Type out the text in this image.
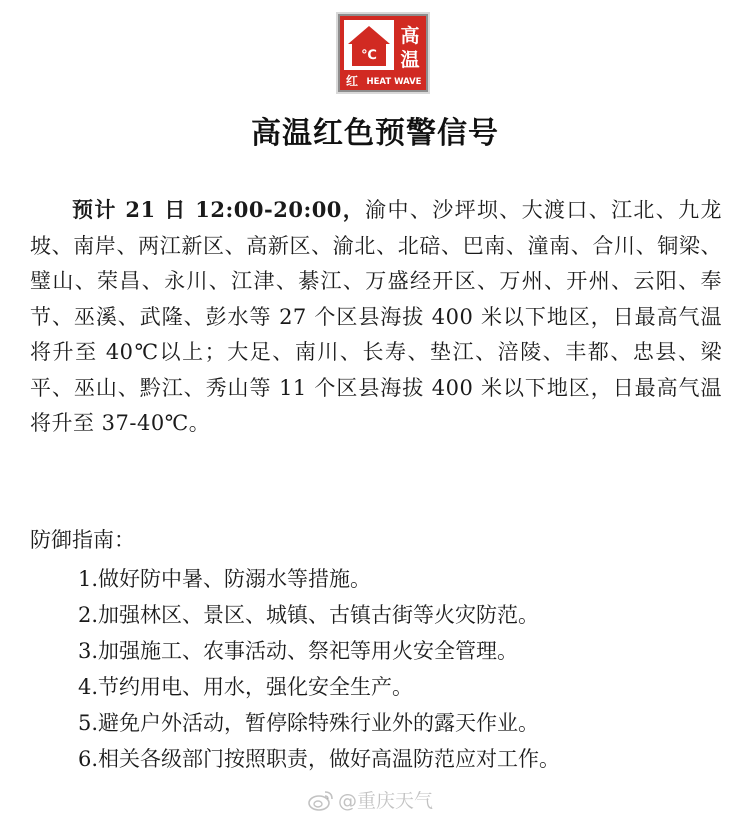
℃
高
温
红 HEAT WAVE
高温红色预警信号
预计 21 日 12:00-20:00，渝中、沙坪坝、大渡口、江北、九龙坡、南岸、两江新区、高新区、渝北、北碚、巴南、潼南、合川、铜梁、璧山、荣昌、永川、江津、綦江、万盛经开区、万州、开州、云阳、奉节、巫溪、武隆、彭水等 27 个区县海拔 400 米以下地区，日最高气温将升至 40℃以上；大足、南川、长寿、垫江、涪陵、丰都、忠县、梁平、巫山、黔江、秀山等 11 个区县海拔 400 米以下地区，日最高气温将升至 37-40℃。
防御指南：
1.做好防中暑、防溺水等措施。
2.加强林区、景区、城镇、古镇古街等火灾防范。
3.加强施工、农事活动、祭祀等用火安全管理。
4.节约用电、用水，强化安全生产。
5.避免户外活动，暂停除特殊行业外的露天作业。
6.相关各级部门按照职责，做好高温防范应对工作。
@重庆天气
